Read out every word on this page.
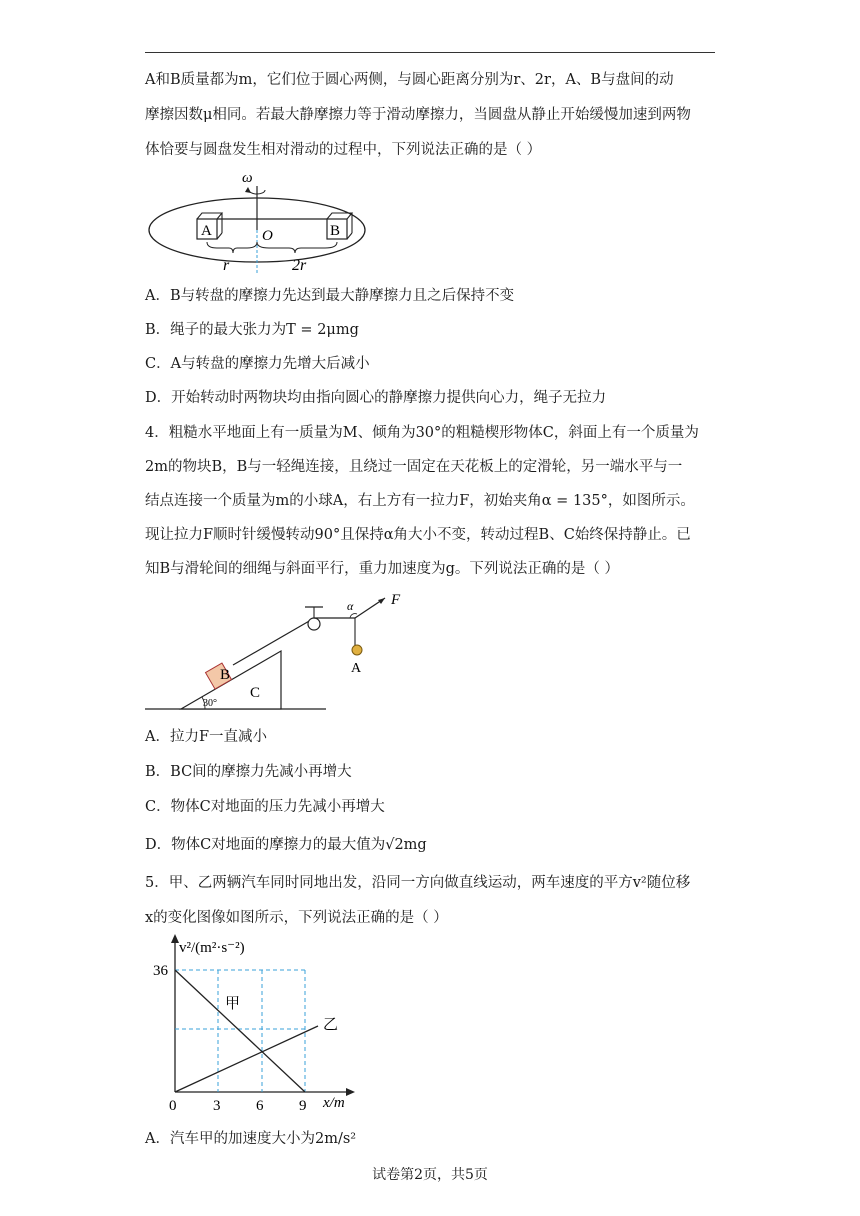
A和B质量都为m，它们位于圆心两侧，与圆心距离分别为r、2r，A、B与盘间的动
摩擦因数μ相同。若最大静摩擦力等于滑动摩擦力，当圆盘从静止开始缓慢加速到两物
体恰要与圆盘发生相对滑动的过程中，下列说法正确的是（ ）
ω
A	B
O
r	2r
A．B与转盘的摩擦力先达到最大静摩擦力且之后保持不变
B．绳子的最大张力为T = 2μmg
C．A与转盘的摩擦力先增大后减小
D．开始转动时两物块均由指向圆心的静摩擦力提供向心力，绳子无拉力
4．粗糙水平地面上有一质量为M、倾角为30°的粗糙楔形物体C，斜面上有一个质量为
2m的物块B，B与一轻绳连接，且绕过一固定在天花板上的定滑轮，另一端水平与一
结点连接一个质量为m的小球A，右上方有一拉力F，初始夹角α = 135°，如图所示。
现让拉力F顺时针缓慢转动90°且保持α角大小不变，转动过程B、C始终保持静止。已
知B与滑轮间的细绳与斜面平行，重力加速度为g。下列说法正确的是（ ）
30°
B
C
F
α
A
A．拉力F一直减小
B．BC间的摩擦力先减小再增大
C．物体C对地面的压力先减小再增大
D．物体C对地面的摩擦力的最大值为√2mg
5．甲、乙两辆汽车同时同地出发，沿同一方向做直线运动，两车速度的平方v²随位移
x的变化图像如图所示，下列说法正确的是（ ）
v²/(m²·s⁻²)
x/m
36
0 3 6 9
甲
乙
A．汽车甲的加速度大小为2m/s²
试卷第2页，共5页
